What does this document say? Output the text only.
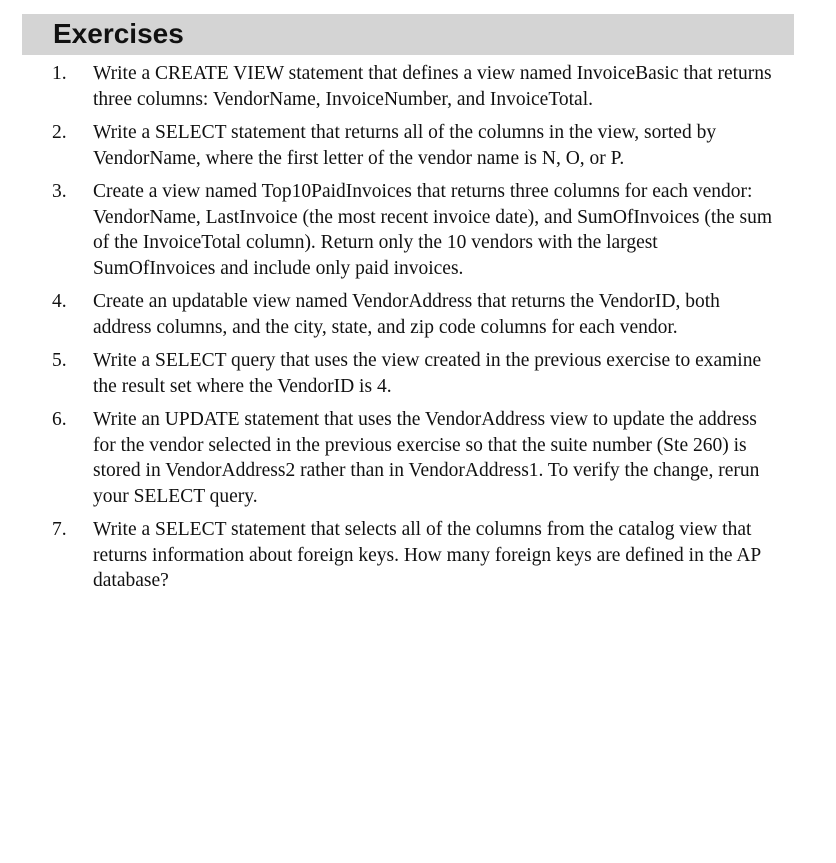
Exercises
1.	Write a CREATE VIEW statement that defines a view named InvoiceBasic that returns three columns: VendorName, InvoiceNumber, and InvoiceTotal.
2.	Write a SELECT statement that returns all of the columns in the view, sorted by VendorName, where the first letter of the vendor name is N, O, or P.
3.	Create a view named Top10PaidInvoices that returns three columns for each vendor: VendorName, LastInvoice (the most recent invoice date), and SumOfInvoices (the sum of the InvoiceTotal column). Return only the 10 vendors with the largest SumOfInvoices and include only paid invoices.
4.	Create an updatable view named VendorAddress that returns the VendorID, both address columns, and the city, state, and zip code columns for each vendor.
5.	Write a SELECT query that uses the view created in the previous exercise to examine the result set where the VendorID is 4.
6.	Write an UPDATE statement that uses the VendorAddress view to update the address for the vendor selected in the previous exercise so that the suite number (Ste 260) is stored in VendorAddress2 rather than in VendorAddress1. To verify the change, rerun your SELECT query.
7.	Write a SELECT statement that selects all of the columns from the catalog view that returns information about foreign keys. How many foreign keys are defined in the AP database?
